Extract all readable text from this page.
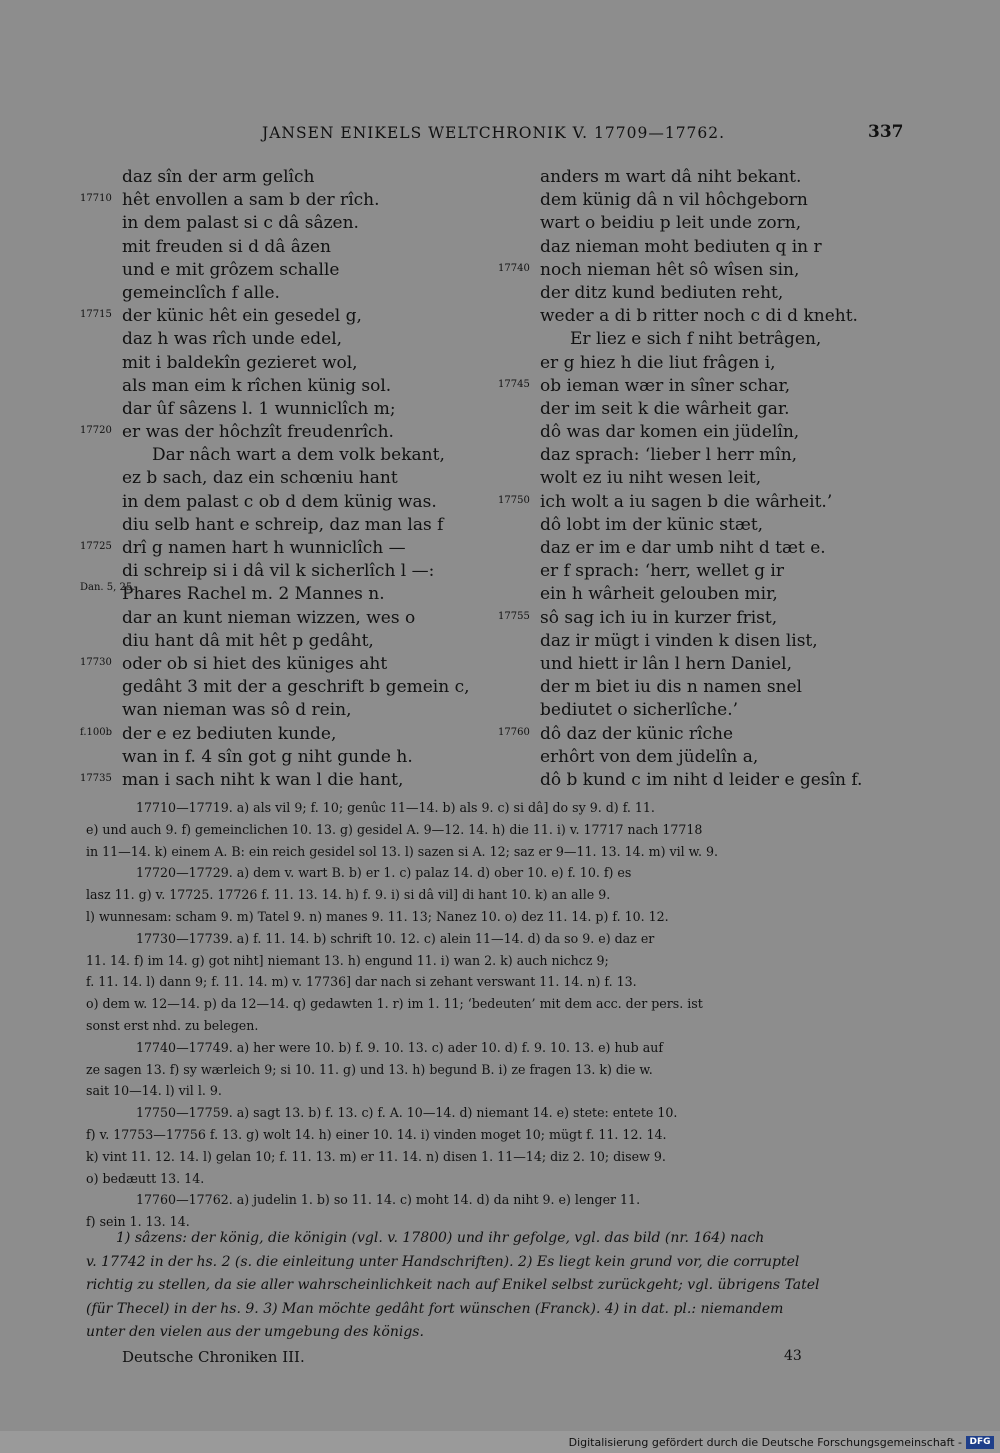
JANSEN ENIKELS WELTCHRONIK V. 17709—17762.	337
daz sîn der arm gelîch
17710 hêt envollen a sam b der rîch.
in dem palast si c dâ sâzen.
mit freuden si d dâ âzen
und e mit grôzem schalle
gemeinclîch f alle.
17715 der künic hêt ein gesedel g,
daz h was rîch unde edel,
mit i baldekîn gezieret wol,
als man eim k rîchen künig sol.
dar ûf sâzens l. 1 wunniclîch m;
17720 er was der hôchzît freudenrîch.
Dar nâch wart a dem volk bekant,
ez b sach, daz ein schœniu hant
in dem palast c ob d dem künig was.
diu selb hant e schreip, daz man las f
17725 drî g namen hart h wunniclîch —
di schreip si i dâ vil k sicherlîch l —:
Dan. 5, 25.
Phares Rachel m. 2 Mannes n.
dar an kunt nieman wizzen, wes o
diu hant dâ mit hêt p gedâht,
17730 oder ob si hiet des küniges aht
gedâht 3 mit der a geschrift b gemein c,
wan nieman was sô d rein,
f.100b der e ez bediuten kunde,
wan in f. 4 sîn got g niht gunde h.
17735 man i sach niht k wan l die hant,
anders m wart dâ niht bekant.
dem künig dâ n vil hôchgeborn
wart o beidiu p leit unde zorn,
daz nieman moht bediuten q in r
17740 noch nieman hêt sô wîsen sin,
der ditz kund bediuten reht,
weder a di b ritter noch c di d kneht.
Er liez e sich f niht betrâgen,
er g hiez h die liut frâgen i,
17745 ob ieman wær in sîner schar,
der im seit k die wârheit gar.
dô was dar komen ein jüdelîn,
daz sprach: ‘lieber l herr mîn,
wolt ez iu niht wesen leit,
17750 ich wolt a iu sagen b die wârheit.’
dô lobt im der künic stæt,
daz er im e dar umb niht d tæt e.
er f sprach: ‘herr, wellet g ir
ein h wârheit gelouben mir,
17755 sô sag ich iu in kurzer frist,
daz ir mügt i vinden k disen list,
und hiett ir lân l hern Daniel,
der m biet iu dis n namen snel
bediutet o sicherlîche.’
17760 dô daz der künic rîche
erhôrt von dem jüdelîn a,
dô b kund c im niht d leider e gesîn f.
17710—17719. a) als vil 9; f. 10; genûc 11—14. b) als 9. c) si dâ] do sy 9. d) f. 11.
e) und auch 9. f) gemeinclichen 10. 13. g) gesidel A. 9—12. 14. h) die 11. i) v. 17717 nach 17718
in 11—14. k) einem A. B: ein reich gesidel sol 13. l) sazen si A. 12; saz er 9—11. 13. 14. m) vil w. 9.
17720—17729. a) dem v. wart B. b) er 1. c) palaz 14. d) ober 10. e) f. 10. f) es
lasz 11. g) v. 17725. 17726 f. 11. 13. 14. h) f. 9. i) si dâ vil] di hant 10. k) an alle 9.
l) wunnesam: scham 9. m) Tatel 9. n) manes 9. 11. 13; Nanez 10. o) dez 11. 14. p) f. 10. 12.
17730—17739. a) f. 11. 14. b) schrift 10. 12. c) alein 11—14. d) da so 9. e) daz er
11. 14. f) im 14. g) got niht] niemant 13. h) engund 11. i) wan 2. k) auch nichcz 9;
f. 11. 14. l) dann 9; f. 11. 14. m) v. 17736] dar nach si zehant verswant 11. 14. n) f. 13.
o) dem w. 12—14. p) da 12—14. q) gedawten 1. r) im 1. 11; ‘bedeuten’ mit dem acc. der pers. ist
sonst erst nhd. zu belegen.
17740—17749. a) her were 10. b) f. 9. 10. 13. c) ader 10. d) f. 9. 10. 13. e) hub auf
ze sagen 13. f) sy wærleich 9; si 10. 11. g) und 13. h) begund B. i) ze fragen 13. k) die w.
sait 10—14. l) vil l. 9.
17750—17759. a) sagt 13. b) f. 13. c) f. A. 10—14. d) niemant 14. e) stete: entete 10.
f) v. 17753—17756 f. 13. g) wolt 14. h) einer 10. 14. i) vinden moget 10; mügt f. 11. 12. 14.
k) vint 11. 12. 14. l) gelan 10; f. 11. 13. m) er 11. 14. n) disen 1. 11—14; diz 2. 10; disew 9.
o) bedæutt 13. 14.
17760—17762. a) judelin 1. b) so 11. 14. c) moht 14. d) da niht 9. e) lenger 11.
f) sein 1. 13. 14.
1) sâzens: der könig, die königin (vgl. v. 17800) und ihr gefolge, vgl. das bild (nr. 164) nach
v. 17742 in der hs. 2 (s. die einleitung unter Handschriften). 2) Es liegt kein grund vor, die corruptel
richtig zu stellen, da sie aller wahrscheinlichkeit nach auf Enikel selbst zurückgeht; vgl. übrigens Tatel
(für Thecel) in der hs. 9. 3) Man möchte gedâht fort wünschen (Franck). 4) in dat. pl.: niemandem
unter den vielen aus der umgebung des königs.
Deutsche Chroniken III.	43
Digitalisierung gefördert durch die Deutsche Forschungsgemeinschaft - DFG
